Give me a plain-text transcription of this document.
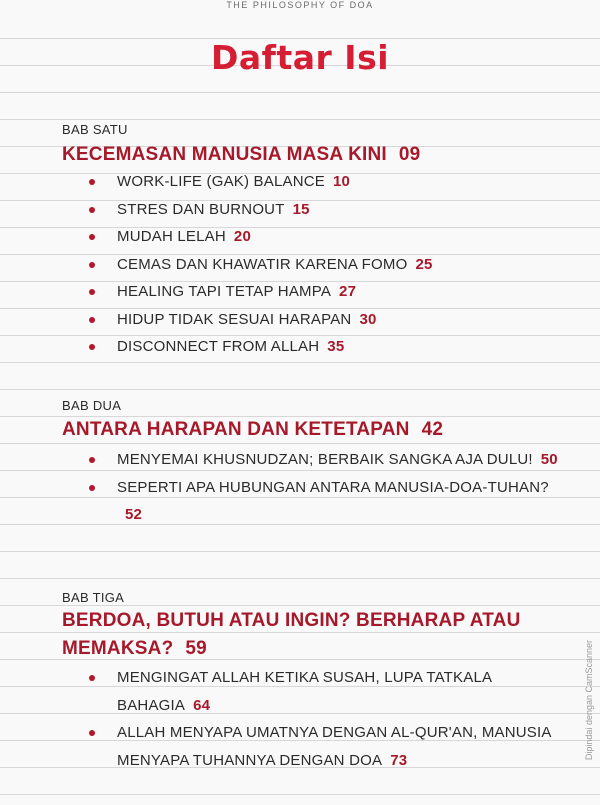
THE PHILOSOPHY OF DOA
Daftar Isi
BAB SATU
KECEMASAN MANUSIA MASA KINI 09
WORK-LIFE (GAK) BALANCE 10
STRES DAN BURNOUT 15
MUDAH LELAH 20
CEMAS DAN KHAWATIR KARENA FOMO 25
HEALING TAPI TETAP HAMPA 27
HIDUP TIDAK SESUAI HARAPAN 30
DISCONNECT FROM ALLAH 35
BAB DUA
ANTARA HARAPAN DAN KETETAPAN 42
MENYEMAI KHUSNUDZAN; BERBAIK SANGKA AJA DULU! 50
SEPERTI APA HUBUNGAN ANTARA MANUSIA-DOA-TUHAN?52
BAB TIGA
BERDOA, BUTUH ATAU INGIN? BERHARAP ATAU MEMAKSA? 59
MENGINGAT ALLAH KETIKA SUSAH, LUPA TATKALA BAHAGIA 64
ALLAH MENYAPA UMATNYA DENGAN AL-QUR'AN, MANUSIA MENYAPA TUHANNYA DENGAN DOA 73	Dipindai dengan CamScanner
